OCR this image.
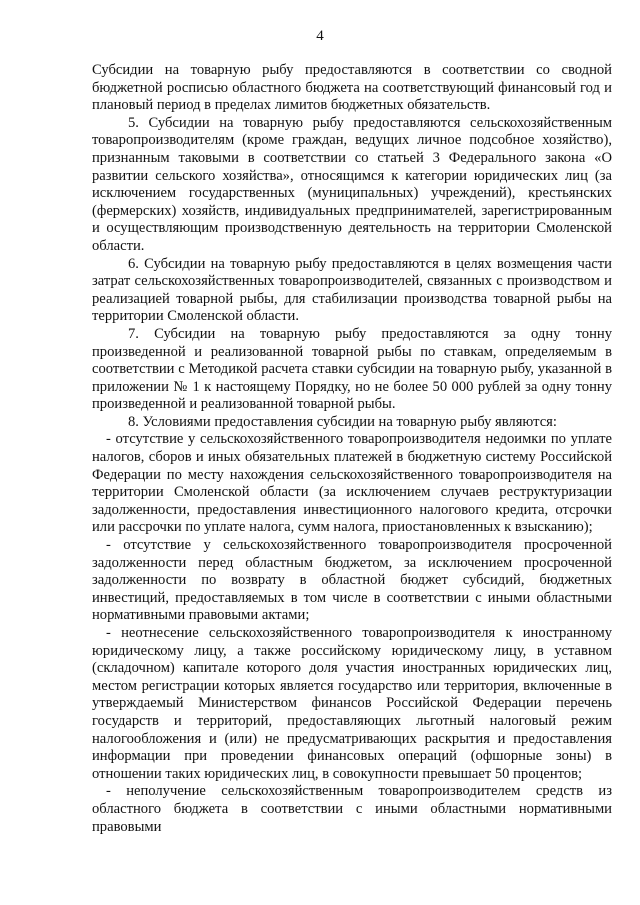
4

Субсидии на товарную рыбу предоставляются в соответствии со сводной бюджетной росписью областного бюджета на соответствующий финансовый год и плановый период в пределах лимитов бюджетных обязательств.

5. Субсидии на товарную рыбу предоставляются сельскохозяйственным товаропроизводителям (кроме граждан, ведущих личное подсобное хозяйство), признанным таковыми в соответствии со статьей 3 Федерального закона «О развитии сельского хозяйства», относящимся к категории юридических лиц (за исключением государственных (муниципальных) учреждений), крестьянских (фермерских) хозяйств, индивидуальных предпринимателей, зарегистрированным и осуществляющим производственную деятельность на территории Смоленской области.

6. Субсидии на товарную рыбу предоставляются в целях возмещения части затрат сельскохозяйственных товаропроизводителей, связанных с производством и реализацией товарной рыбы, для стабилизации производства товарной рыбы на территории Смоленской области.

7. Субсидии на товарную рыбу предоставляются за одну тонну произведенной и реализованной товарной рыбы по ставкам, определяемым в соответствии с Методикой расчета ставки субсидии на товарную рыбу, указанной в приложении № 1 к настоящему Порядку, но не более 50 000 рублей за одну тонну произведенной и реализованной товарной рыбы.

8. Условиями предоставления субсидии на товарную рыбу являются:

- отсутствие у сельскохозяйственного товаропроизводителя недоимки по уплате налогов, сборов и иных обязательных платежей в бюджетную систему Российской Федерации по месту нахождения сельскохозяйственного товаропроизводителя на территории Смоленской области (за исключением случаев реструктуризации задолженности, предоставления инвестиционного налогового кредита, отсрочки или рассрочки по уплате налога, сумм налога, приостановленных к взысканию);

- отсутствие у сельскохозяйственного товаропроизводителя просроченной задолженности перед областным бюджетом, за исключением просроченной задолженности по возврату в областной бюджет субсидий, бюджетных инвестиций, предоставляемых в том числе в соответствии с иными областными нормативными правовыми актами;

- неотнесение сельскохозяйственного товаропроизводителя к иностранному юридическому лицу, а также российскому юридическому лицу, в уставном (складочном) капитале которого доля участия иностранных юридических лиц, местом регистрации которых является государство или территория, включенные в утверждаемый Министерством финансов Российской Федерации перечень государств и территорий, предоставляющих льготный налоговый режим налогообложения и (или) не предусматривающих раскрытия и предоставления информации при проведении финансовых операций (офшорные зоны) в отношении таких юридических лиц, в совокупности превышает 50 процентов;

- неполучение сельскохозяйственным товаропроизводителем средств из областного бюджета в соответствии с иными областными нормативными правовыми
